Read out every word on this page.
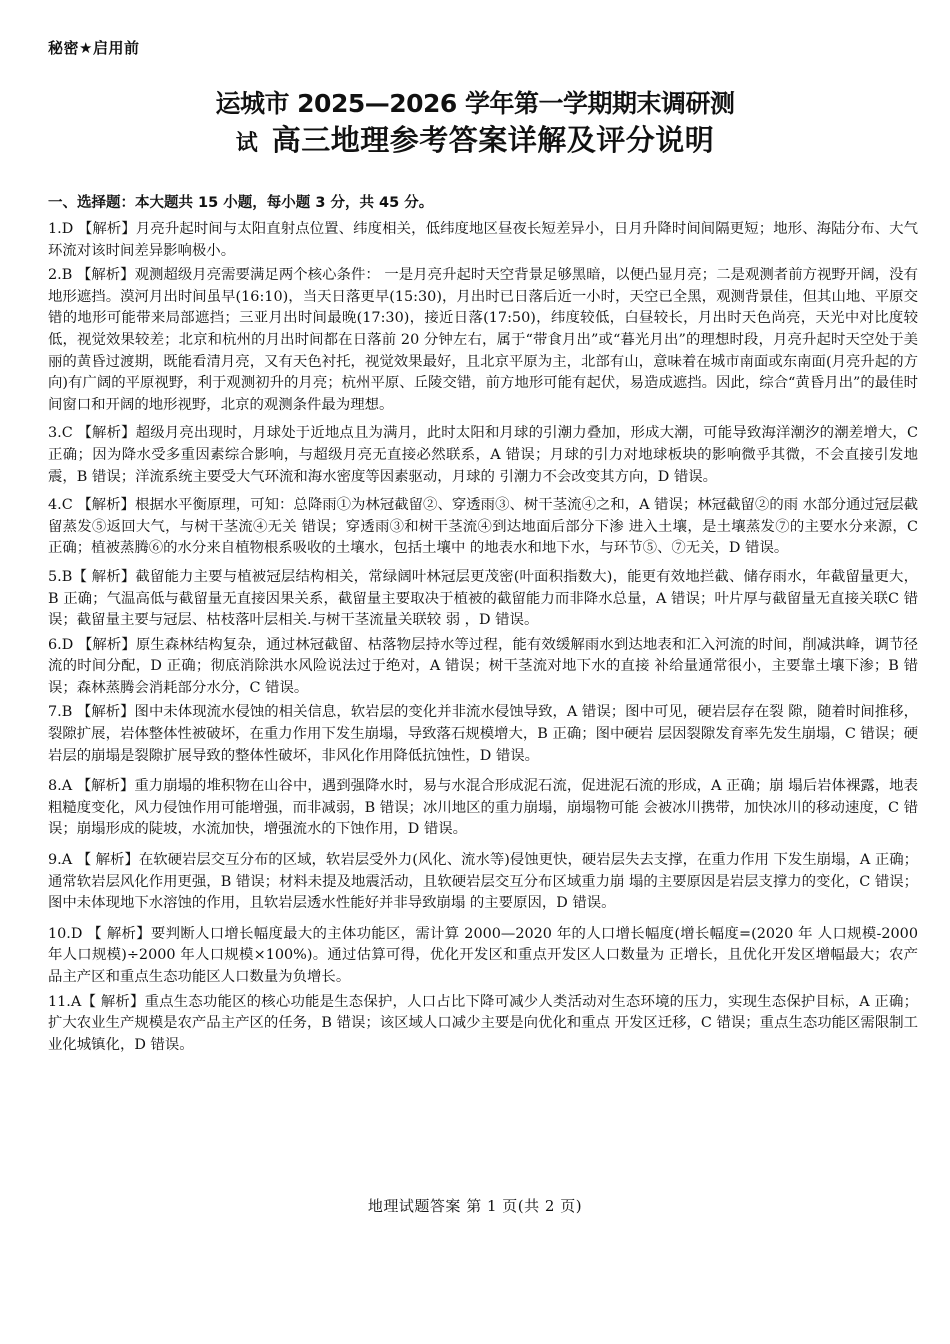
秘密★启用前
运城市 2025—2026 学年第一学期期末调研测
试 高三地理参考答案详解及评分说明
一、选择题：本大题共 15 小题，每小题 3 分，共 45 分。

1.D 【解析】月亮升起时间与太阳直射点位置、纬度相关，低纬度地区昼夜长短差异小，日月升降时间间隔更短；地形、海陆分布、大气环流对该时间差异影响极小。

2.B 【解析】观测超级月亮需要满足两个核心条件： 一是月亮升起时天空背景足够黑暗，以便凸显月亮；二是观测者前方视野开阔，没有地形遮挡。漠河月出时间虽早(16:10)，当天日落更早(15:30)，月出时已日落后近一小时，天空已全黑，观测背景佳，但其山地、平原交错的地形可能带来局部遮挡；三亚月出时间最晚(17:30)，接近日落(17:50)，纬度较低，白昼较长，月出时天色尚亮，天光中对比度较低，视觉效果较差；北京和杭州的月出时间都在日落前 20 分钟左右，属于“带食月出”或“暮光月出”的理想时段，月亮升起时天空处于美丽的黄昏过渡期，既能看清月亮，又有天色衬托，视觉效果最好，且北京平原为主，北部有山，意味着在城市南面或东南面(月亮升起的方向)有广阔的平原视野，利于观测初升的月亮；杭州平原、丘陵交错，前方地形可能有起伏，易造成遮挡。因此，综合“黄昏月出”的最佳时间窗口和开阔的地形视野，北京的观测条件最为理想。

3.C 【解析】超级月亮出现时，月球处于近地点且为满月，此时太阳和月球的引潮力叠加，形成大潮，可能导致海洋潮汐的潮差增大，C 正确；因为降水受多重因素综合影响，与超级月亮无直接必然联系，A 错误；月球的引力对地球板块的影响微乎其微，不会直接引发地震，B 错误；洋流系统主要受大气环流和海水密度等因素驱动，月球的 引潮力不会改变其方向，D 错误。

4.C 【解析】根据水平衡原理，可知：总降雨①为林冠截留②、穿透雨③、树干茎流④之和，A 错误；林冠截留②的雨 水部分通过冠层截留蒸发⑤返回大气，与树干茎流④无关 错误；穿透雨③和树干茎流④到达地面后部分下渗 进入土壤，是土壤蒸发⑦的主要水分来源，C 正确；植被蒸腾⑥的水分来自植物根系吸收的土壤水，包括土壤中 的地表水和地下水，与环节⑤、⑦无关，D 错误。

5.B【 解析】截留能力主要与植被冠层结构相关，常绿阔叶林冠层更茂密(叶面积指数大)，能更有效地拦截、储存雨水，年截留量更大，B 正确；气温高低与截留量无直接因果关系，截留量主要取决于植被的截留能力而非降水总量，A 错误；叶片厚与截留量无直接关联C 错误；截留量主要与冠层、枯枝落叶层相关.与树干茎流量关联较 弱 ，D 错误。

6.D 【解析】原生森林结构复杂，通过林冠截留、枯落物层持水等过程，能有效缓解雨水到达地表和汇入河流的时间，削减洪峰，调节径流的时间分配，D 正确；彻底消除洪水风险说法过于绝对，A 错误；树干茎流对地下水的直接 补给量通常很小，主要靠土壤下渗；B 错误；森林蒸腾会消耗部分水分，C 错误。

7.B 【解析】图中未体现流水侵蚀的相关信息，软岩层的变化并非流水侵蚀导致，A 错误；图中可见，硬岩层存在裂 隙，随着时间推移，裂隙扩展，岩体整体性被破坏，在重力作用下发生崩塌，导致落石规模增大，B 正确；图中硬岩 层因裂隙发育率先发生崩塌，C 错误；硬岩层的崩塌是裂隙扩展导致的整体性破坏，非风化作用降低抗蚀性，D 错误。

8.A 【解析】重力崩塌的堆积物在山谷中，遇到强降水时，易与水混合形成泥石流，促进泥石流的形成，A 正确；崩 塌后岩体裸露，地表粗糙度变化，风力侵蚀作用可能增强，而非减弱，B 错误；冰川地区的重力崩塌，崩塌物可能 会被冰川携带，加快冰川的移动速度，C 错误；崩塌形成的陡坡，水流加快，增强流水的下蚀作用，D 错误。

9.A 【 解析】在软硬岩层交互分布的区域，软岩层受外力(风化、流水等)侵蚀更快，硬岩层失去支撑，在重力作用 下发生崩塌，A 正确；通常软岩层风化作用更强，B 错误；材料未提及地震活动，且软硬岩层交互分布区域重力崩 塌的主要原因是岩层支撑力的变化，C 错误；图中未体现地下水溶蚀的作用，且软岩层透水性能好并非导致崩塌 的主要原因，D 错误。

10.D 【 解析】要判断人口增长幅度最大的主体功能区，需计算 2000—2020 年的人口增长幅度(增长幅度=(2020 年 人口规模-2000 年人口规模)÷2000 年人口规模×100%)。通过估算可得，优化开发区和重点开发区人口数量为 正增长，且优化开发区增幅最大；农产品主产区和重点生态功能区人口数量为负增长。

11.A【 解析】重点生态功能区的核心功能是生态保护，人口占比下降可减少人类活动对生态环境的压力，实现生态保护目标，A 正确；扩大农业生产规模是农产品主产区的任务，B 错误；该区域人口减少主要是向优化和重点 开发区迁移，C 错误；重点生态功能区需限制工业化城镇化，D 错误。

地理试题答案 第 1 页(共 2 页)
